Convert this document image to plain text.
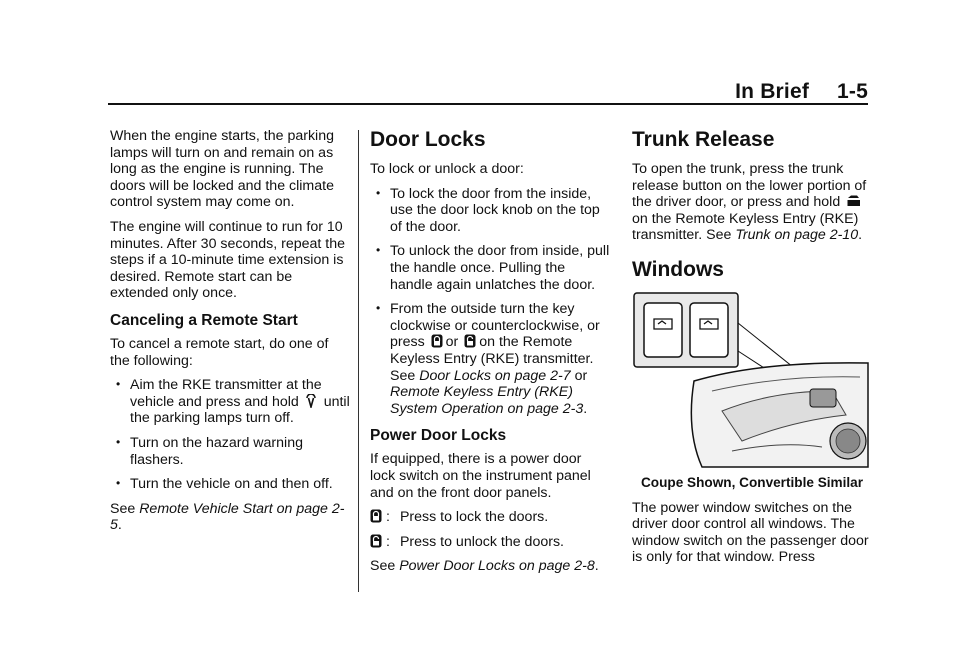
In Brief 1-5

When the engine starts, the parking lamps will turn on and remain on as long as the engine is running. The doors will be locked and the climate control system may come on.

The engine will continue to run for 10 minutes. After 30 seconds, repeat the steps if a 10-minute time extension is desired. Remote start can be extended only once.

Canceling a Remote Start

To cancel a remote start, do one of the following:

• Aim the RKE transmitter at the vehicle and press and hold until the parking lamps turn off.
• Turn on the hazard warning flashers.
• Turn the vehicle on and then off.

See Remote Vehicle Start on page 2-5.

Door Locks

To lock or unlock a door:

• To lock the door from the inside, use the door lock knob on the top of the door.
• To unlock the door from inside, pull the handle once. Pulling the handle again unlatches the door.
• From the outside turn the key clockwise or counterclockwise, or press or on the Remote Keyless Entry (RKE) transmitter. See Door Locks on page 2-7 or Remote Keyless Entry (RKE) System Operation on page 2-3.
Power Door Locks

If equipped, there is a power door lock switch on the instrument panel and on the front door panels.

: Press to lock the doors.
: Press to unlock the doors.

See Power Door Locks on page 2-8.

Trunk Release

To open the trunk, press the trunk release button on the lower portion of the driver door, or press and hold  on the Remote Keyless Entry (RKE) transmitter. See Trunk on page 2-10.

Windows

Coupe Shown, Convertible Similar

The power window switches on the driver door control all windows. The window switch on the passenger door is only for that window. Press
